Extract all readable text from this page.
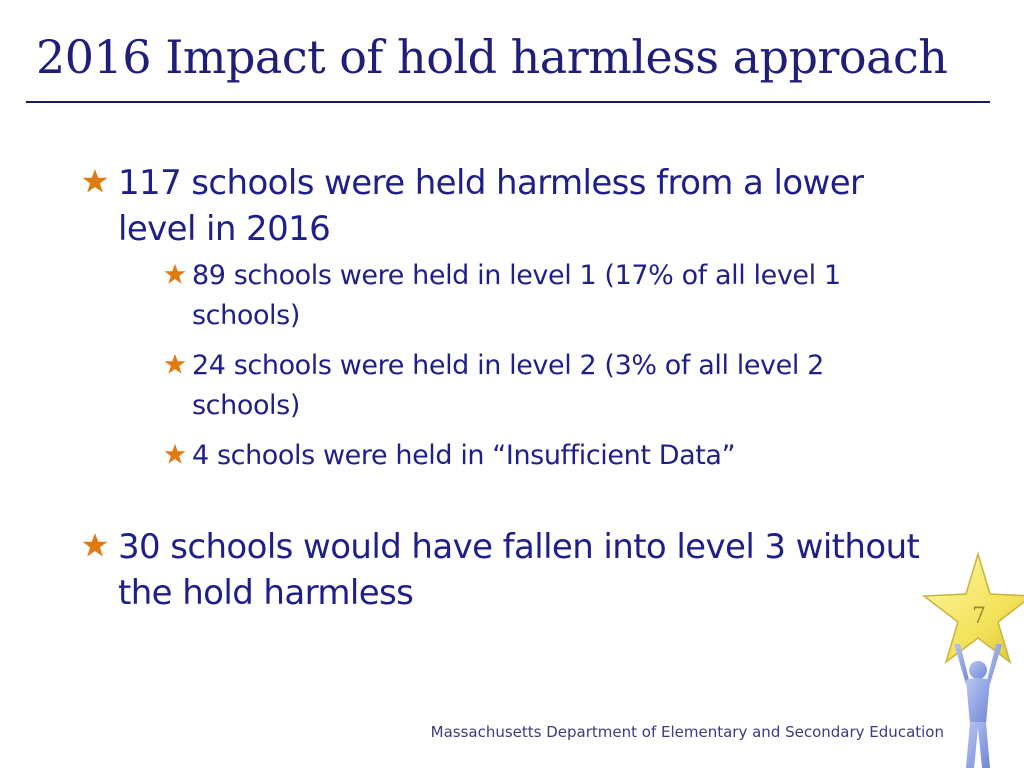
2016 Impact of hold harmless approach
117 schools were held harmless from a lower level in 2016
89 schools were held in level 1 (17% of all level 1 schools)
24 schools were held in level 2 (3% of all level 2 schools)
4 schools were held in “Insufficient Data”
30 schools would have fallen into level 3 without the hold harmless
7
Massachusetts Department of Elementary and Secondary Education
